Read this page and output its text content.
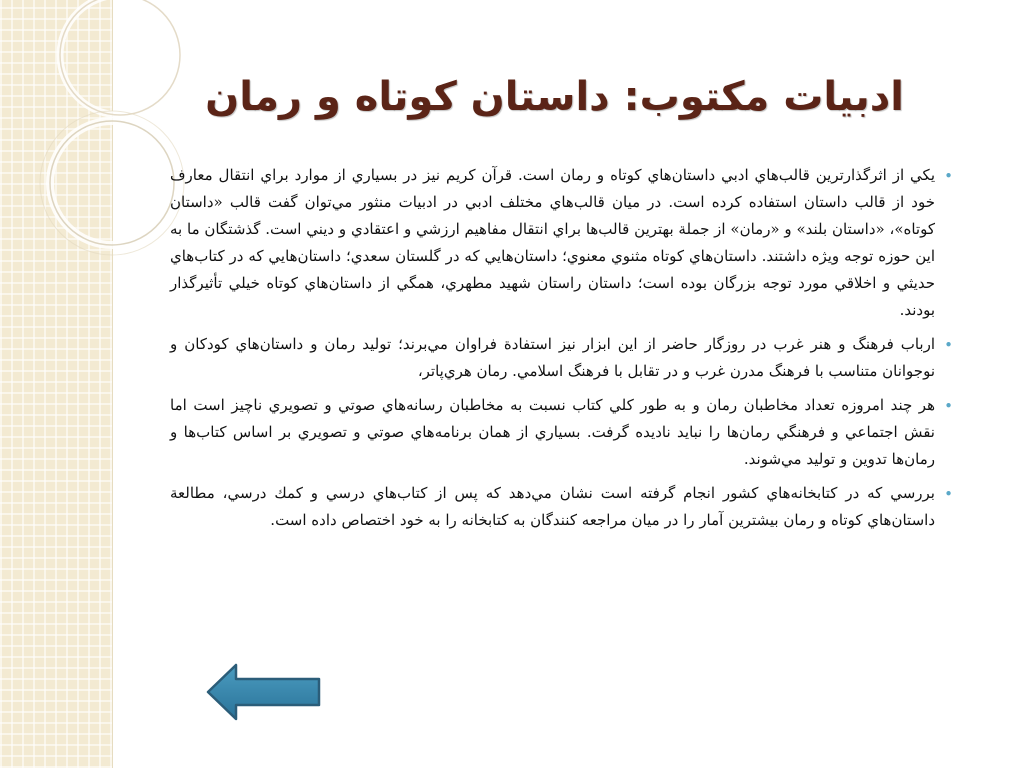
ادبيات مكتوب: داستان كوتاه و رمان
•
يكي از اثرگذارترين قالب‌هاي ادبي داستان‌هاي كوتاه و رمان است. قرآن كريم نيز در بسياري از موارد براي انتقال معارف خود از قالب داستان استفاده كرده است. در ميان قالب‌هاي مختلف ادبي در ادبيات منثور مي‌توان گفت قالب «داستان كوتاه»، «داستان بلند» و «رمان» از جملة بهترين قالب‌ها براي انتقال مفاهيم ارزشي و اعتقادي و ديني است. گذشتگان ما به اين حوزه توجه ويژه داشتند. داستان‌هاي كوتاه مثنوي معنوي؛ داستان‌هايي كه در گلستان سعدي؛ داستان‌هايي كه در كتاب‌هاي حديثي و اخلاقي مورد توجه بزرگان بوده است؛ داستان راستان شهيد مطهري، همگي از داستان‌هاي كوتاه خيلي تأثيرگذار بودند.
•
ارباب فرهنگ و هنر غرب در روزگار حاضر از اين ابزار نيز استفادة فراوان مي‌برند؛ توليد رمان و داستان‌هاي كودكان و نوجوانان متناسب با فرهنگ مدرن غرب و در تقابل با فرهنگ اسلامي. رمان هري‌پاتر،
•
هر چند امروزه تعداد مخاطبان رمان و به طور كلي كتاب نسبت به مخاطبان رسانه‌هاي صوتي و تصويري ناچيز است اما نقش اجتماعي و فرهنگي رمان‌ها را نبايد ناديده گرفت. بسياري از همان برنامه‌هاي صوتي و تصويري بر اساس كتاب‌ها و رمان‌ها تدوين و توليد مي‌شوند.
•
بررسي كه در كتابخانه‌هاي كشور انجام گرفته است نشان مي‌دهد كه پس از كتاب‌هاي درسي و كمك درسي، مطالعة داستان‌هاي كوتاه و رمان بيشترين آمار را در ميان مراجعه كنندگان به كتابخانه را به خود اختصاص داده است.
